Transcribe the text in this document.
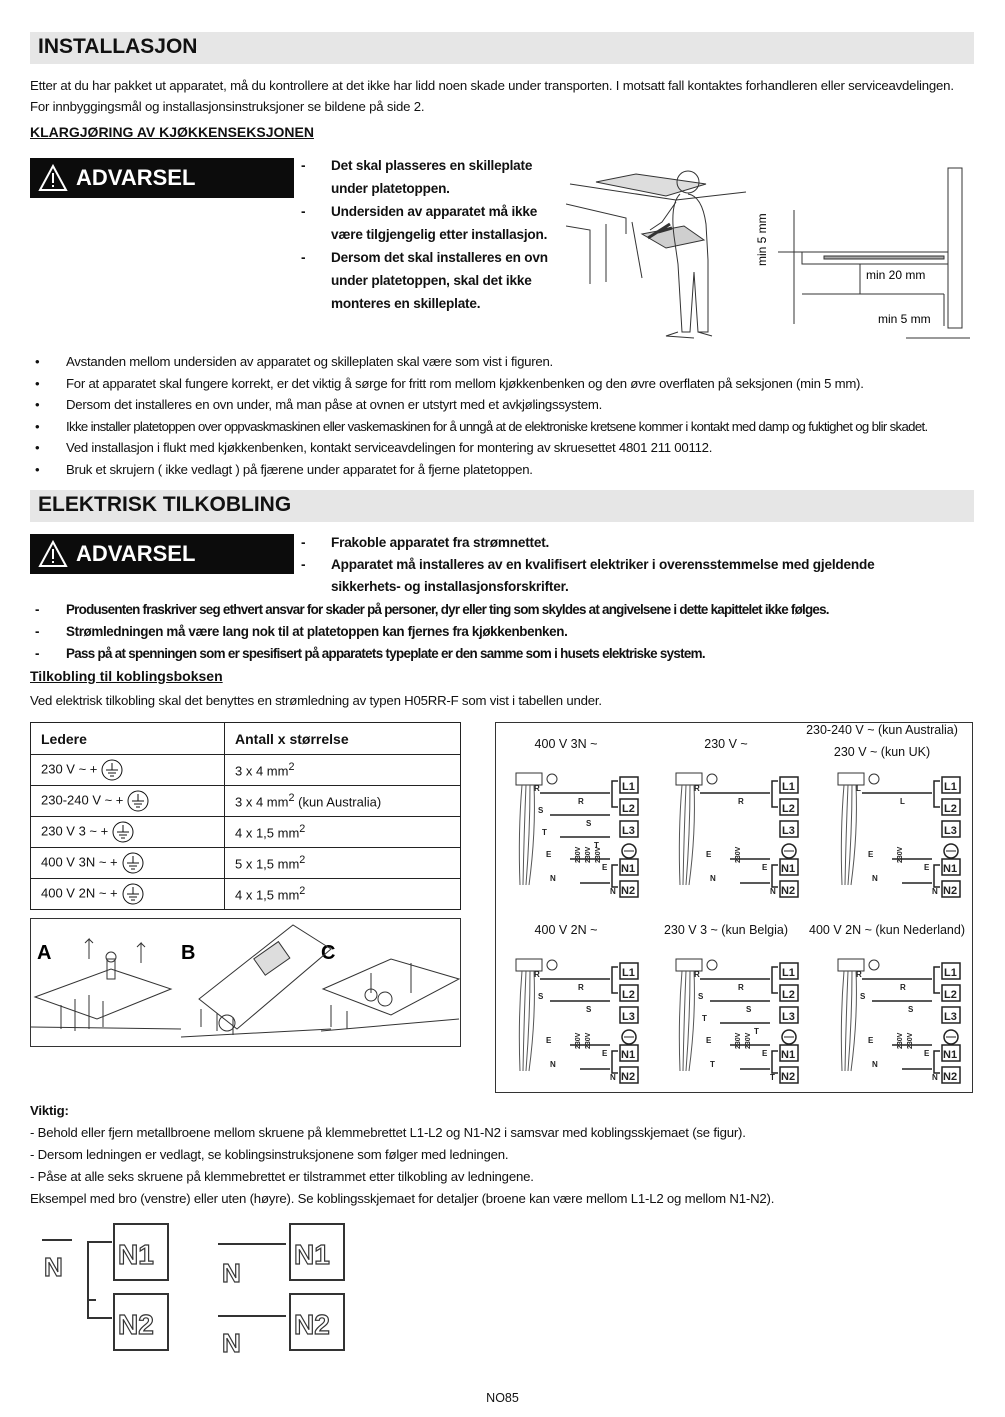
INSTALLASJON
Etter at du har pakket ut apparatet, må du kontrollere at det ikke har lidd noen skade under transporten. I motsatt fall kontaktes forhandleren eller serviceavdelingen.
For innbyggingsmål og installasjonsinstruksjoner se bildene på side 2.
KLARGJØRING AV KJØKKENSEKSJONEN
ADVARSEL	- Det skal plasseres en skilleplate under platetoppen.
- Undersiden av apparatet må ikke være tilgjengelig etter installasjon.
- Dersom det skal installeres en ovn under platetoppen, skal det ikke monteres en skilleplate.
min 5 mm
min 20 mm
min 5 mm
• Avstanden mellom undersiden av apparatet og skilleplaten skal være som vist i figuren.
• For at apparatet skal fungere korrekt, er det viktig å sørge for fritt rom mellom kjøkkenbenken og den øvre overflaten på seksjonen (min 5 mm).
• Dersom det installeres en ovn under, må man påse at ovnen er utstyrt med et avkjølingssystem.
• Ikke installer platetoppen over oppvaskmaskinen eller vaskemaskinen for å unngå at de elektroniske kretsene kommer i kontakt med damp og fuktighet og blir skadet.
• Ved installasjon i flukt med kjøkkenbenken, kontakt serviceavdelingen for montering av skruesettet 4801 211 00112.
• Bruk et skrujern ( ikke vedlagt ) på fjærene under apparatet for å fjerne platetoppen.
ELEKTRISK TILKOBLING
ADVARSEL	- Frakoble apparatet fra strømnettet.
- Apparatet må installeres av en kvalifisert elektriker i overensstemmelse med gjeldende sikkerhets- og installasjonsforskrifter.
- Produsenten fraskriver seg ethvert ansvar for skader på personer, dyr eller ting som skyldes at angivelsene i dette kapittelet ikke følges.
- Strømledningen må være lang nok til at platetoppen kan fjernes fra kjøkkenbenken.
- Pass på at spenningen som er spesifisert på apparatets typeplate er den samme som i husets elektriske system.
Tilkobling til koblingsboksen
Ved elektrisk tilkobling skal det benyttes en strømledning av typen H05RR-F som vist i tabellen under.
Ledere	Antall x størrelse
230 V ~ +	3 x 4 $mm^2$
230-240 V ~ +	3 x 4 $mm^2$ (kun Australia)
230 V 3 ~ +	4 x 1,5 $mm^2$
400 V 3N ~ +	5 x 1,5 $mm^2$
400 V 2N ~ +	4 x 1,5 $mm^2$
A	B	C
400 V 3N ~	230 V ~
230-240 V ~ (kun Australia)
230 V ~ (kun UK)
400 V 2N ~	230 V 3 ~ (kun Belgia)	400 V 2N ~ (kun Nederland)
L1
L2
L3
N1
N2
R
R
S
S
T
T
E
E
N
N
230V 230V 230V
L1
L2
L3
N1
N2
R
R
E
E
N
N
230V
L1
L2
L3
N1
N2
L
L
E
E
N
N
230V
L1
L2
L3
N1
N2
R
R
S
S
E
E
N
N
230V 230V
L1
L2
L3
N1
N2
R
R
S
S
T
T
E
E
T
T
230V 230V
L1
L2
L3
N1
N2
R
R
S
S
E
E
N
N
230V 230V
Viktig:
- Behold eller fjern metallbroene mellom skruene på klemmebrettet L1-L2 og N1-N2 i samsvar med koblingsskjemaet (se figur).
- Dersom ledningen er vedlagt, se koblingsinstruksjonene som følger med ledningen.
- Påse at alle seks skruene på klemmebrettet er tilstrammet etter tilkobling av ledningene.
Eksempel med bro (venstre) eller uten (høyre). Se koblingsskjemaet for detaljer (broene kan være mellom L1-L2 og mellom N1-N2).
N N1
N2
N
N
N1
N2
NO85
